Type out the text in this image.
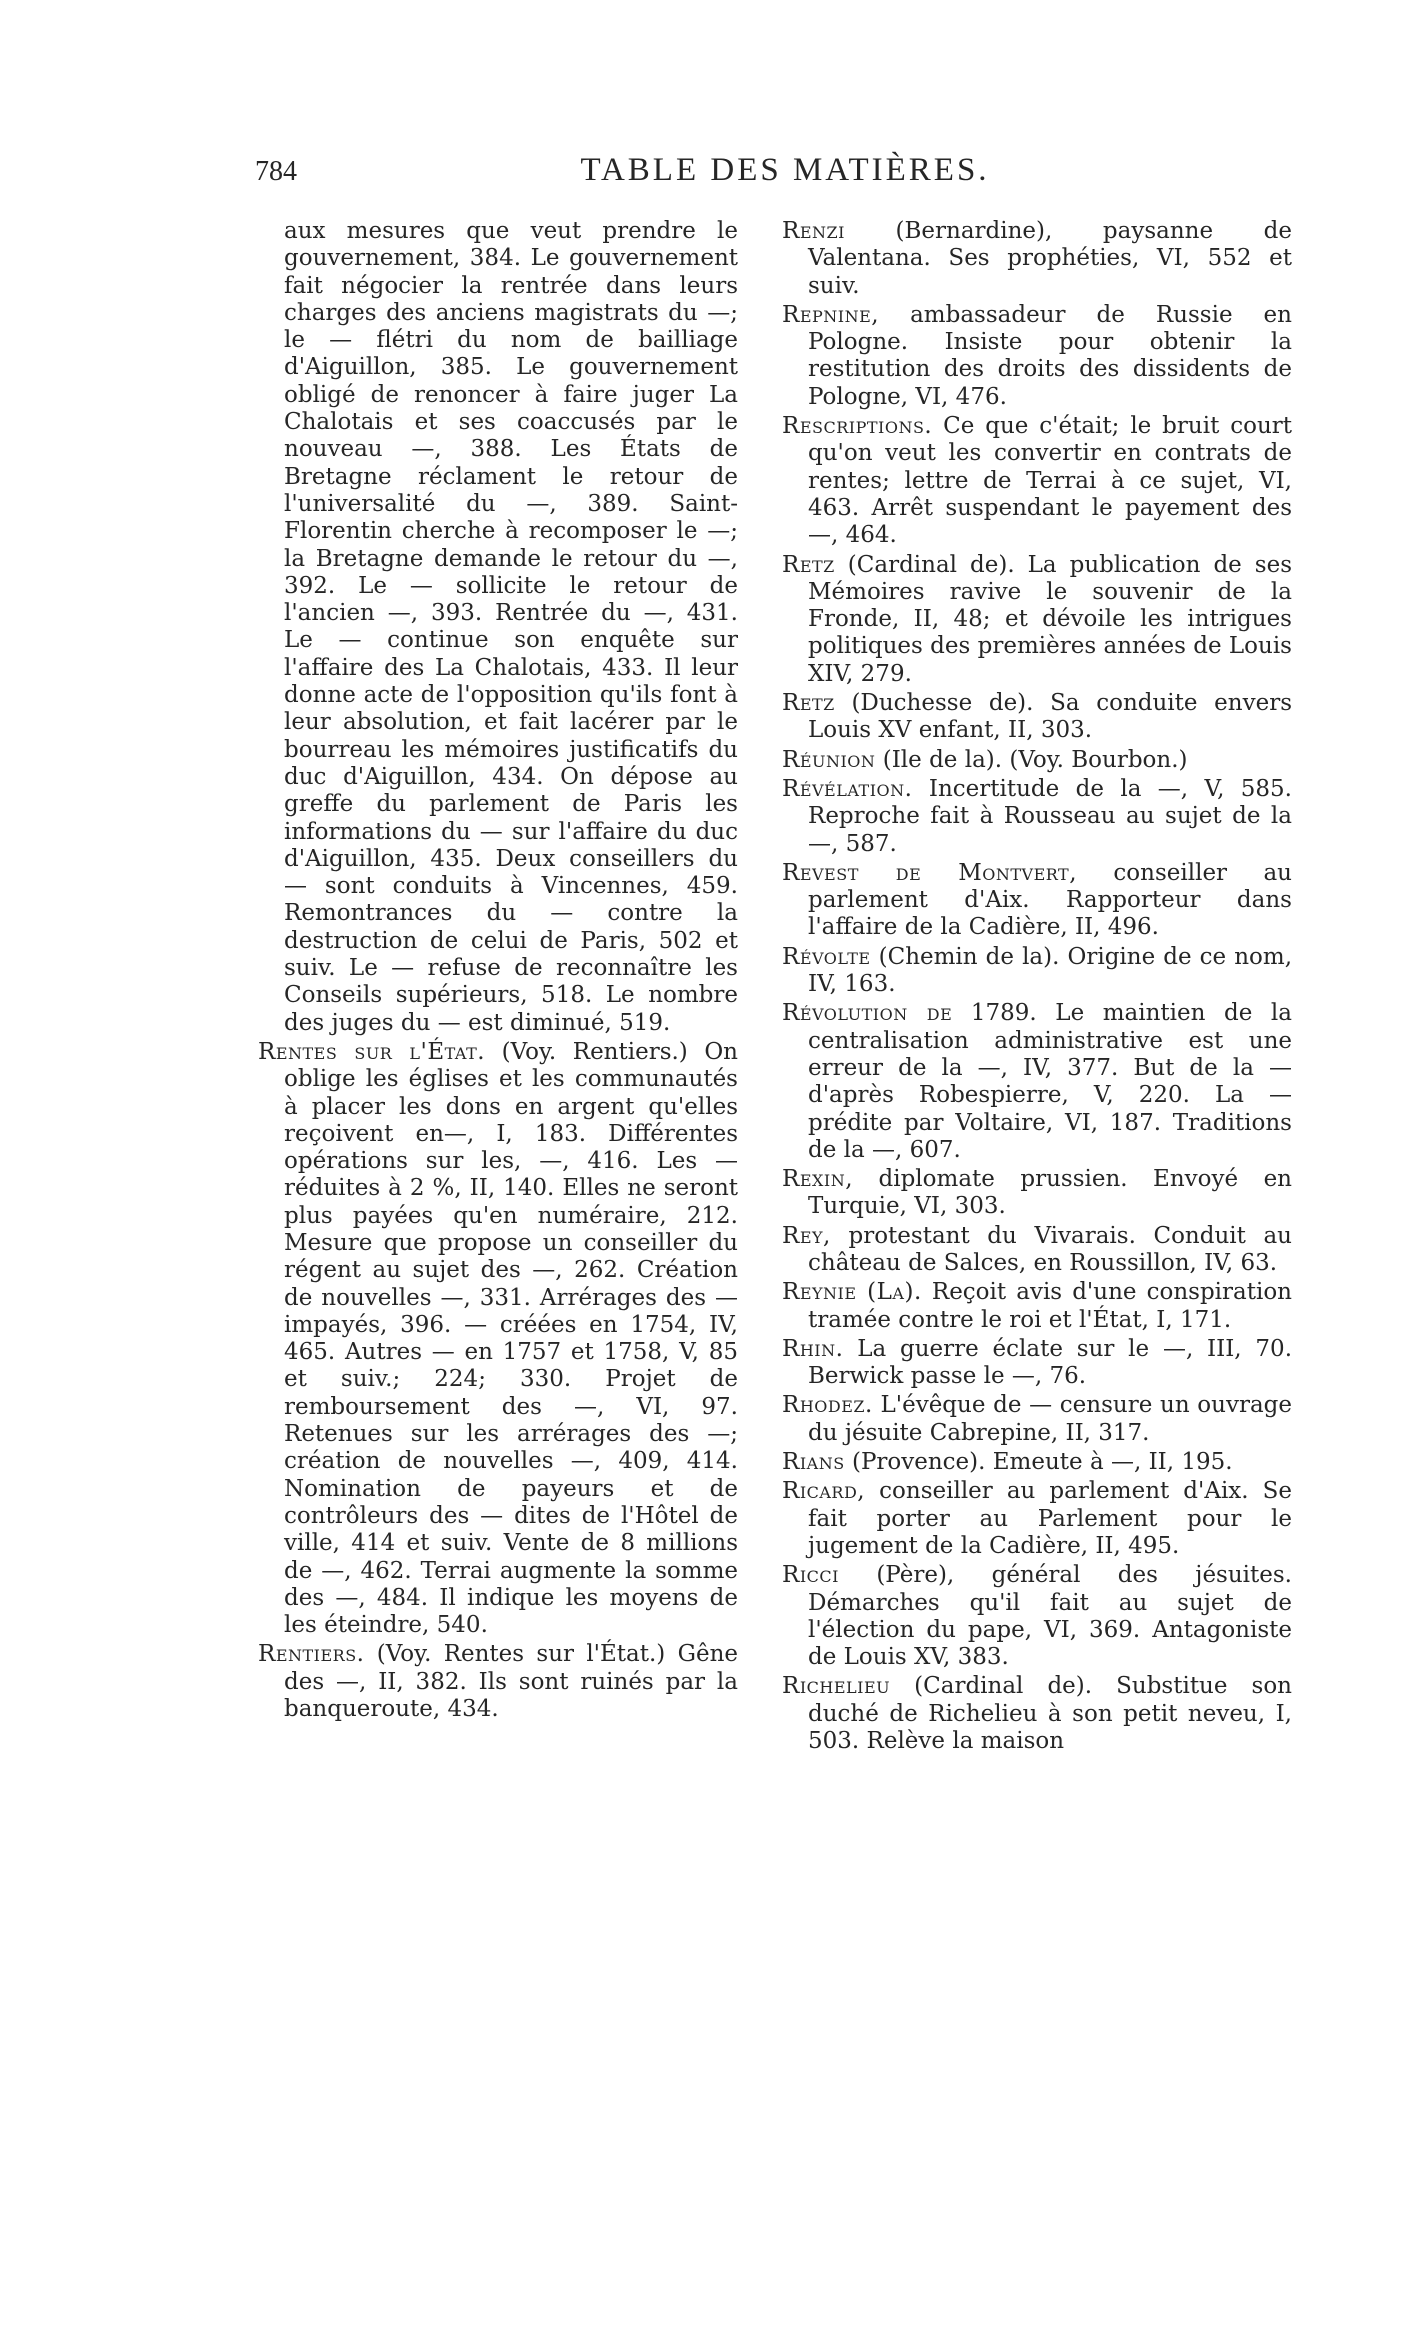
784	TABLE DES MATIÈRES.

aux mesures que veut prendre le gouvernement, 384. Le gouvernement fait négocier la rentrée dans leurs charges des anciens magistrats du —; le — flétri du nom de bailliage d'Aiguillon, 385. Le gouvernement obligé de renoncer à faire juger La Chalotais et ses coaccusés par le nouveau —, 388. Les États de Bretagne réclament le retour de l'universalité du —, 389. Saint-Florentin cherche à recomposer le —; la Bretagne demande le retour du —, 392. Le — sollicite le retour de l'ancien —, 393. Rentrée du —, 431. Le — continue son enquête sur l'affaire des La Chalotais, 433. Il leur donne acte de l'opposition qu'ils font à leur absolution, et fait lacérer par le bourreau les mémoires justificatifs du duc d'Aiguillon, 434. On dépose au greffe du parlement de Paris les informations du — sur l'affaire du duc d'Aiguillon, 435. Deux conseillers du — sont conduits à Vincennes, 459. Remontrances du — contre la destruction de celui de Paris, 502 et suiv. Le — refuse de reconnaître les Conseils supérieurs, 518. Le nombre des juges du — est diminué, 519.

Rentes sur l'État. (Voy. Rentiers.) On oblige les églises et les communautés à placer les dons en argent qu'elles reçoivent en—, I, 183. Différentes opérations sur les, —, 416. Les — réduites à 2 %, II, 140. Elles ne seront plus payées qu'en numéraire, 212. Mesure que propose un conseiller du régent au sujet des —, 262. Création de nouvelles —, 331. Arrérages des — impayés, 396. — créées en 1754, IV, 465. Autres — en 1757 et 1758, V, 85 et suiv.; 224; 330. Projet de remboursement des —, VI, 97. Retenues sur les arrérages des —; création de nouvelles —, 409, 414. Nomination de payeurs et de contrôleurs des — dites de l'Hôtel de ville, 414 et suiv. Vente de 8 millions de —, 462. Terrai augmente la somme des —, 484. Il indique les moyens de les éteindre, 540.

Rentiers. (Voy. Rentes sur l'État.) Gêne des —, II, 382. Ils sont ruinés par la banqueroute, 434.

Renzi (Bernardine), paysanne de Valentana. Ses prophéties, VI, 552 et suiv.

Repnine, ambassadeur de Russie en Pologne. Insiste pour obtenir la restitution des droits des dissidents de Pologne, VI, 476.

Rescriptions. Ce que c'était; le bruit court qu'on veut les convertir en contrats de rentes; lettre de Terrai à ce sujet, VI, 463. Arrêt suspendant le payement des —, 464.

Retz (Cardinal de). La publication de ses Mémoires ravive le souvenir de la Fronde, II, 48; et dévoile les intrigues politiques des premières années de Louis XIV, 279.

Retz (Duchesse de). Sa conduite envers Louis XV enfant, II, 303.

Réunion (Ile de la). (Voy. Bourbon.)

Révélation. Incertitude de la —, V, 585. Reproche fait à Rousseau au sujet de la —, 587.

Revest de Montvert, conseiller au parlement d'Aix. Rapporteur dans l'affaire de la Cadière, II, 496.

Révolte (Chemin de la). Origine de ce nom, IV, 163.

Révolution de 1789. Le maintien de la centralisation administrative est une erreur de la —, IV, 377. But de la — d'après Robespierre, V, 220. La — prédite par Voltaire, VI, 187. Traditions de la —, 607.

Rexin, diplomate prussien. Envoyé en Turquie, VI, 303.

Rey, protestant du Vivarais. Conduit au château de Salces, en Roussillon, IV, 63.

Reynie (La). Reçoit avis d'une conspiration tramée contre le roi et l'État, I, 171.

Rhin. La guerre éclate sur le —, III, 70. Berwick passe le —, 76.

Rhodez. L'évêque de — censure un ouvrage du jésuite Cabrepine, II, 317.

Rians (Provence). Emeute à —, II, 195.

Ricard, conseiller au parlement d'Aix. Se fait porter au Parlement pour le jugement de la Cadière, II, 495.

Ricci (Père), général des jésuites. Démarches qu'il fait au sujet de l'élection du pape, VI, 369. Antagoniste de Louis XV, 383.

Richelieu (Cardinal de). Substitue son duché de Richelieu à son petit neveu, I, 503. Relève la maison
